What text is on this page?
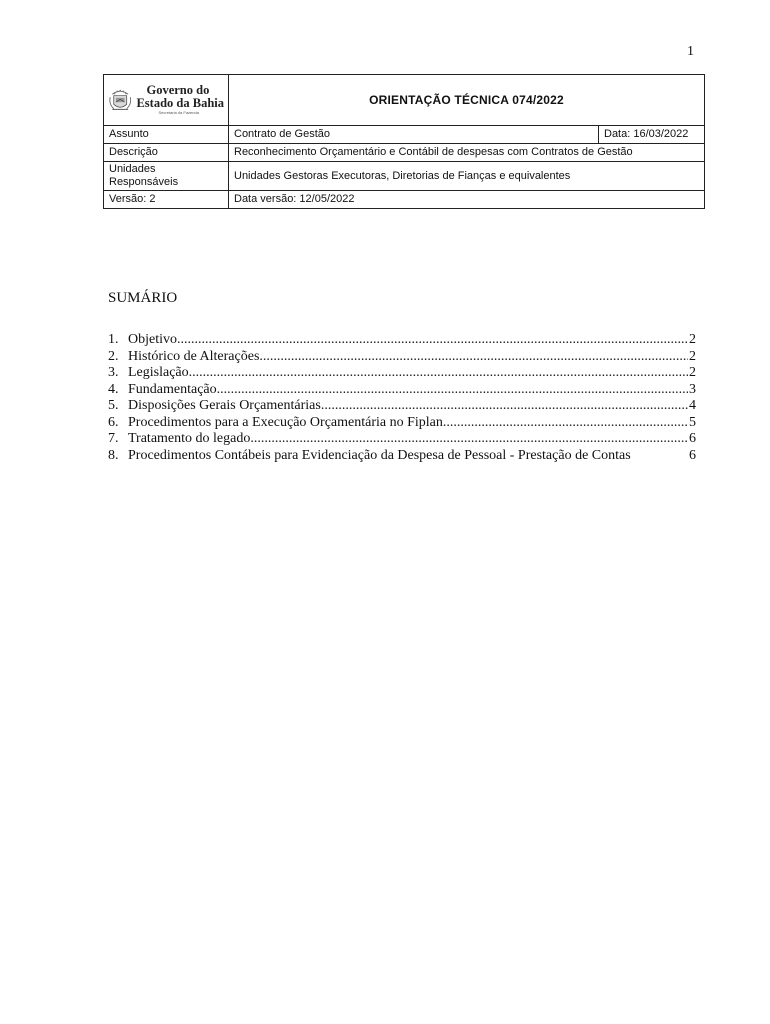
1
Governo do
Estado da Bahia
Secretaria da Fazenda	ORIENTAÇÃO TÉCNICA 074/2022	
Assunto	Contrato de Gestão	Data: 16/03/2022
Descrição	Reconhecimento Orçamentário e Contábil de despesas com Contratos de Gestão	
Unidades Responsáveis	Unidades Gestoras Executoras, Diretorias de Fianças e equivalentes	
Versão: 2	Data versão: 12/05/2022	
SUMÁRIO
1. Objetivo .....	2
2. Histórico de Alterações .....	2
3. Legislação .....	2
4. Fundamentação .....	3
5. Disposições Gerais Orçamentárias .....	4
6. Procedimentos para a Execução Orçamentária no Fiplan .....	5
7. Tratamento do legado .....	6
8. Procedimentos Contábeis para Evidenciação da Despesa de Pessoal - Prestação de Contas	6
